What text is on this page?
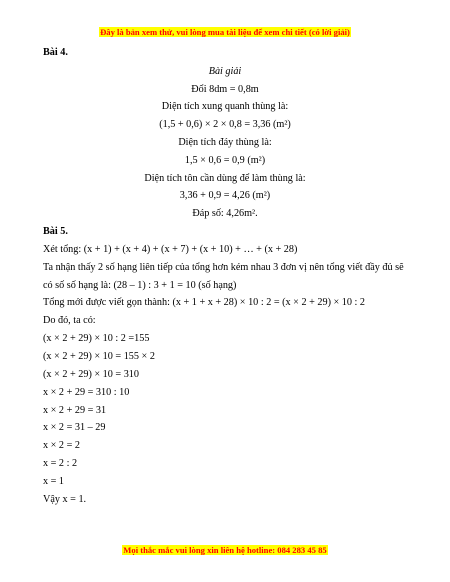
Đây là bản xem thử, vui lòng mua tài liệu để xem chi tiết (có lời giải)
Bài 4.
Bài giải
Đổi 8dm = 0,8m
Diện tích xung quanh thùng là:
(1,5 + 0,6) × 2 × 0,8 = 3,36 (m²)
Diện tích đáy thùng là:
1,5 × 0,6 = 0,9 (m²)
Diện tích tôn cần dùng để làm thùng là:
3,36 + 0,9 = 4,26 (m²)
Đáp số: 4,26m².
Bài 5.
Xét tổng: (x + 1) + (x + 4) + (x + 7) + (x + 10) + … + (x + 28)
Ta nhận thấy 2 số hạng liên tiếp của tổng hơn kém nhau 3 đơn vị nên tổng viết đầy đủ sẽ
có số số hạng là: (28 – 1) : 3 + 1 = 10 (số hạng)
Tổng mới được viết gọn thành: (x + 1 + x + 28) × 10 : 2 = (x × 2 + 29) × 10 : 2
Do đó, ta có:
(x × 2 + 29) × 10 : 2 =155
(x × 2 + 29) × 10 = 155 × 2
(x × 2 + 29) × 10 = 310
x × 2 + 29 = 310 : 10
x × 2 + 29 = 31
x × 2 = 31 – 29
x × 2 = 2
x = 2 : 2
x = 1
Vậy x = 1.
Mọi thắc mắc vui lòng xin liên hệ hotline: 084 283 45 85
